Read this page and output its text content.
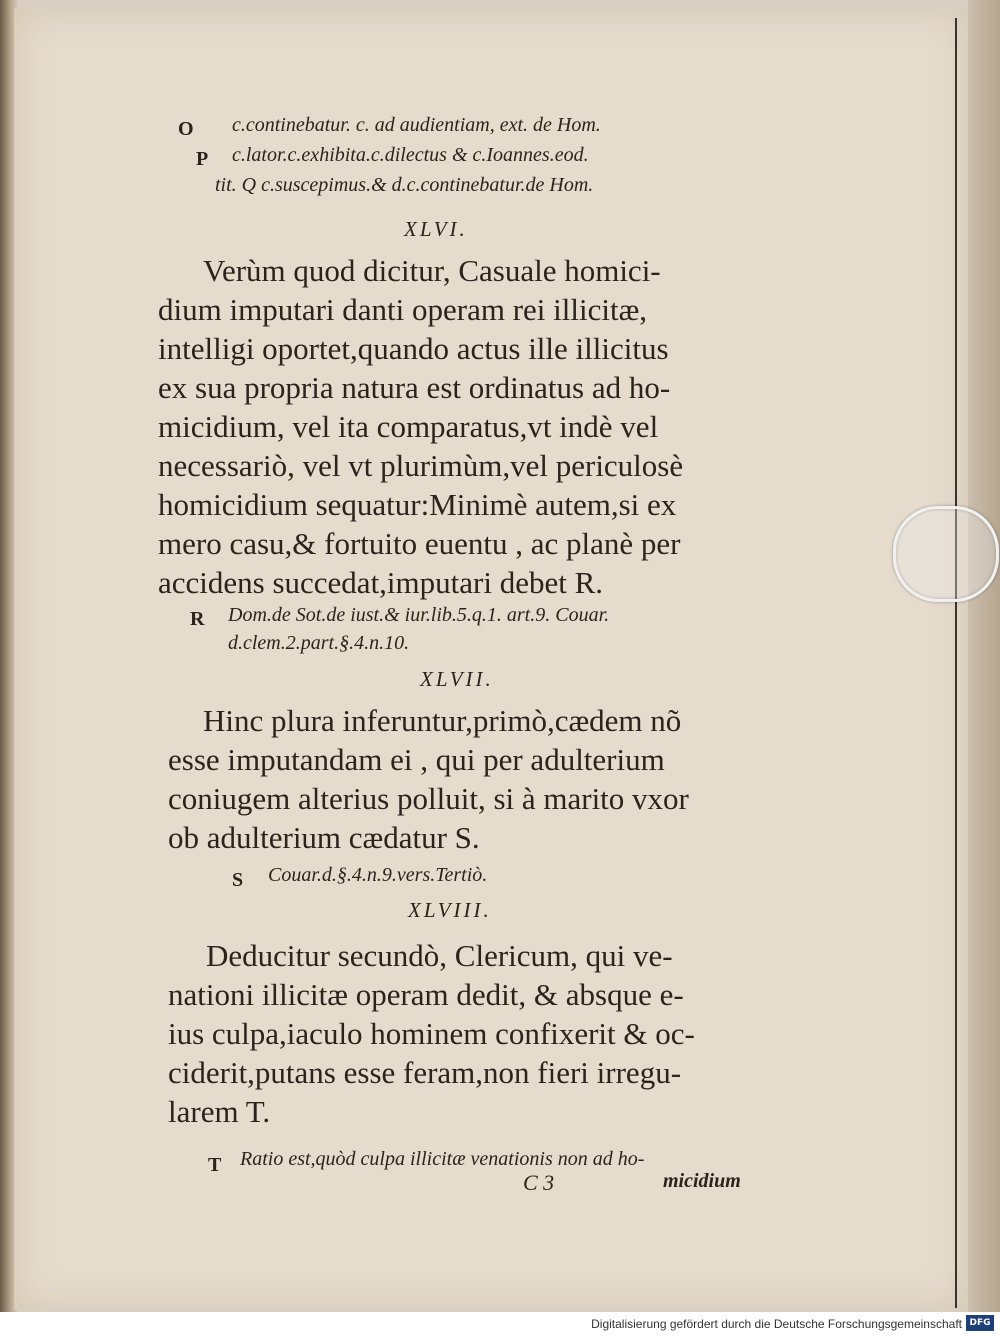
O c.continebatur. c. ad audientiam, ext. de Hom.
P c.lator.c.exhibita.c.dilectus & c.Ioannes.eod.
tit. Q c.suscepimus.& d.c.continebatur.de Hom.
XLVI.
Verùm quod dicitur, Casuale homici-
dium imputari danti operam rei illicitæ,
intelligi oportet,quando actus ille illicitus
ex sua propria natura est ordinatus ad ho-
micidium, vel ita comparatus,vt indè vel
necessariò, vel vt plurimùm,vel periculosè
homicidium sequatur:Minimè autem,si ex
mero casu,& fortuito euentu , ac planè per
accidens succedat,imputari debet R.
R Dom.de Sot.de iust.& iur.lib.5.q.1. art.9. Couar.
d.clem.2.part.§.4.n.10.
XLVII.
Hinc plura inferuntur,primò,cædem nõ
esse imputandam ei , qui per adulterium
coniugem alterius polluit, si à marito vxor
ob adulterium cædatur S.
S Couar.d.§.4.n.9.vers.Tertiò.
XLVIII.
Deducitur secundò, Clericum, qui ve-
nationi illicitæ operam dedit, & absque e-
ius culpa,iaculo hominem confixerit & oc-
ciderit,putans esse feram,non fieri irregu-
larem T.
T Ratio est,quòd culpa illicitæ venationis non ad ho-
C 3	micidium
Digitalisierung gefördert durch die Deutsche Forschungsgemeinschaft DFG
